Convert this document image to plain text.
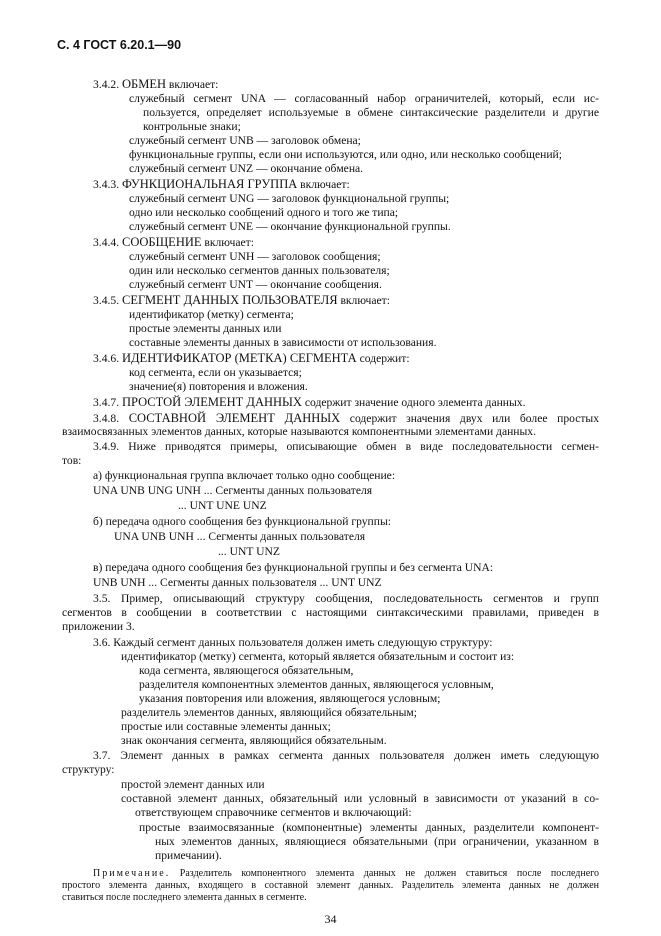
С. 4 ГОСТ 6.20.1—90
3.4.2. ОБМЕН включает:
служебный сегмент UNA — согласованный набор ограничителей, который, если ис-
пользуется, определяет используемые в обмене синтаксические разделители и другие
контрольные знаки;
служебный сегмент UNB — заголовок обмена;
функциональные группы, если они используются, или одно, или несколько сообщений;
служебный сегмент UNZ — окончание обмена.
3.4.3. ФУНКЦИОНАЛЬНАЯ ГРУППА включает:
служебный сегмент UNG — заголовок функциональной группы;
одно или несколько сообщений одного и того же типа;
служебный сегмент UNE — окончание функциональной группы.
3.4.4. СООБЩЕНИЕ включает:
служебный сегмент UNH — заголовок сообщения;
один или несколько сегментов данных пользователя;
служебный сегмент UNT — окончание сообщения.
3.4.5. СЕГМЕНТ ДАННЫХ ПОЛЬЗОВАТЕЛЯ включает:
идентификатор (метку) сегмента;
простые элементы данных или
составные элементы данных в зависимости от использования.
3.4.6. ИДЕНТИФИКАТОР (МЕТКА) СЕГМЕНТА содержит:
код сегмента, если он указывается;
значение(я) повторения и вложения.
3.4.7. ПРОСТОЙ ЭЛЕМЕНТ ДАННЫХ содержит значение одного элемента данных.
3.4.8. СОСТАВНОЙ ЭЛЕМЕНТ ДАННЫХ содержит значения двух или более простых
взаимосвязанных элементов данных, которые называются компонентными элементами данных.
3.4.9. Ниже приводятся примеры, описывающие обмен в виде последовательности сегмен-
тов:
а) функциональная группа включает только одно сообщение:
UNA UNB UNG UNH ... Сегменты данных пользователя
... UNT UNE UNZ
б) передача одного сообщения без функциональной группы:
UNA UNB UNH ... Сегменты данных пользователя
... UNT UNZ
в) передача одного сообщения без функциональной группы и без сегмента UNA:
UNB UNH ... Сегменты данных пользователя ... UNT UNZ
3.5. Пример, описывающий структуру сообщения, последовательность сегментов и групп
сегментов в сообщении в соответствии с настоящими синтаксическими правилами, приведен в
приложении 3.
3.6. Каждый сегмент данных пользователя должен иметь следующую структуру:
идентификатор (метку) сегмента, который является обязательным и состоит из:
кода сегмента, являющегося обязательным,
разделителя компонентных элементов данных, являющегося условным,
указания повторения или вложения, являющегося условным;
разделитель элементов данных, являющийся обязательным;
простые или составные элементы данных;
знак окончания сегмента, являющийся обязательным.
3.7. Элемент данных в рамках сегмента данных пользователя должен иметь следующую
структуру:
простой элемент данных или
составной элемент данных, обязательный или условный в зависимости от указаний в со-
ответствующем справочнике сегментов и включающий:
простые взаимосвязанные (компонентные) элементы данных, разделители компонент-
ных элементов данных, являющиеся обязательными (при ограничении, указанном в
примечании).
Примечание. Разделитель компонентного элемента данных не должен ставиться после последнего
простого элемента данных, входящего в составной элемент данных. Разделитель элемента данных не должен
ставиться после последнего элемента данных в сегменте.
34
